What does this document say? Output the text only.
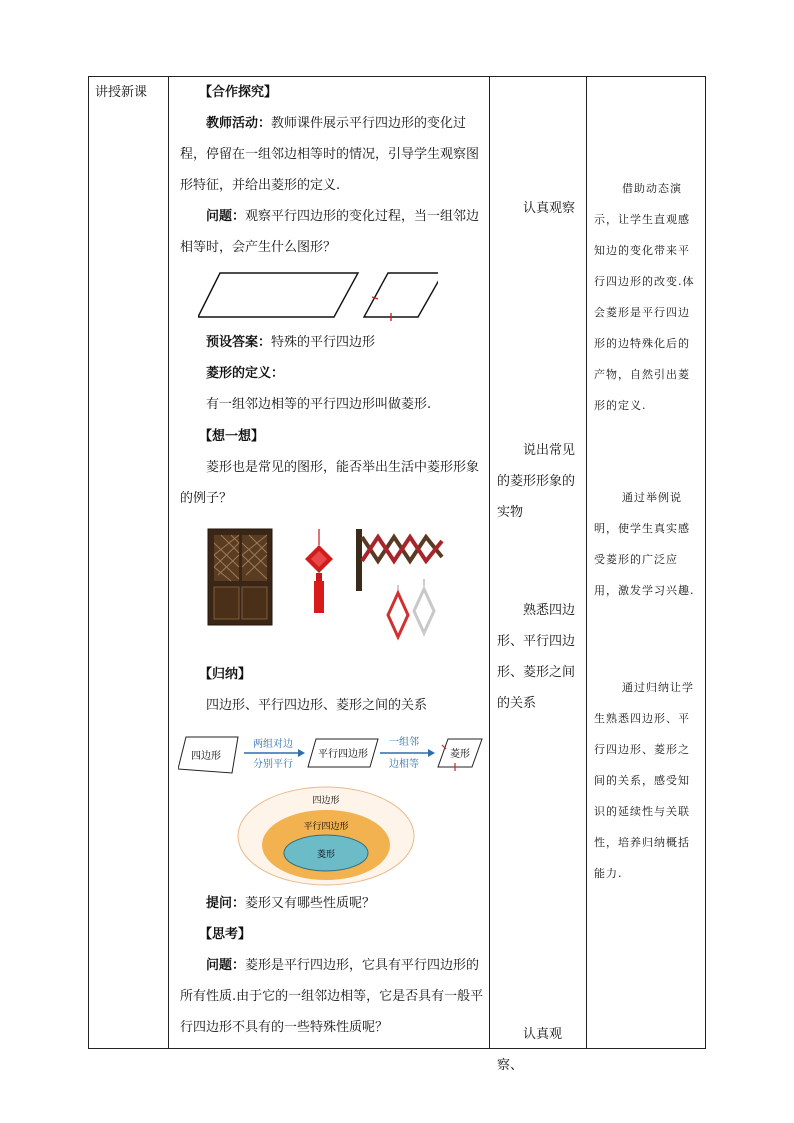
讲授新课	【合作探究】
教师活动：教师课件展示平行四边形的变化过程，停留在一组邻边相等时的情况，引导学生观察图形特征，并给出菱形的定义.
问题：观察平行四边形的变化过程，当一组邻边相等时，会产生什么图形？
预设答案：特殊的平行四边形
菱形的定义：
有一组邻边相等的平行四边形叫做菱形.
【想一想】
菱形也是常见的图形，能否举出生活中菱形形象的例子？
【归纳】
四边形、平行四边形、菱形之间的关系
四边形
两组对边
分别平行
平行四边形
一组邻
边相等
菱形
四边形
平行四边形
菱形
提问：菱形又有哪些性质呢？
【思考】
问题：菱形是平行四边形，它具有平行四边形的所有性质.由于它的一组邻边相等，它是否具有一般平行四边形不具有的一些特殊性质呢？
认真观察
说出常见的菱形形象的实物
熟悉四边形、平行四边形、菱形之间的关系
认真观察、
借助动态演示，让学生直观感知边的变化带来平行四边形的改变.体会菱形是平行四边形的边特殊化后的产物，自然引出菱形的定义.
通过举例说明，使学生真实感受菱形的广泛应用，激发学习兴趣.
通过归纳让学生熟悉四边形、平行四边形、菱形之间的关系，感受知识的延续性与关联性，培养归纳概括能力.
